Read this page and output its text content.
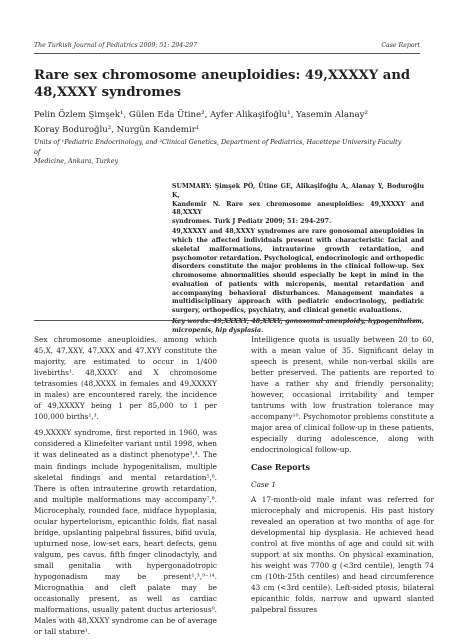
The Turkish Journal of Pediatrics 2009; 51: 294-297	Case Report
Rare sex chromosome aneuploidies: 49,XXXXY and
48,XXXY syndromes
Pelin Özlem Şimşek¹, Gülen Eda Ütine², Ayfer Alikaşifoğlu¹, Yasemin Alanay²
Koray Boduroğlu², Nurgün Kandemir¹
Units of ¹Pediatric Endocrinology, and ²Clinical Genetics, Department of Pediatrics, Hacettepe University Faculty of
Medicine, Ankara, Turkey

SUMMARY: Şimşek PÖ, Ütine GE, Alikaşifoğlu A, Alanay Y, Boduroğlu K,
Kandemir N. Rare sex chromosome aneuploidies: 49,XXXXY and 48,XXXY
syndromes. Turk J Pediatr 2009; 51: 294-297.

49,XXXXY and 48,XXXY syndromes are rare gonosomal aneuploidies in which the affected individuals present with characteristic facial and skeletal malformations, intrauterine growth retardation, and psychomotor retardation. Psychological, endocrinologic and orthopedic disorders constitute the major problems in the clinical follow-up. Sex chromosome abnormalities should especially be kept in mind in the evaluation of patients with micropenis, mental retardation and accompanying behavioral disturbances. Management mandates a multidisciplinary approach with pediatric endocrinology, pediatric surgery, orthopedics, psychiatry, and clinical genetic evaluations.

Key words: 49,XXXXY, 48,XXXY, gonosomal aneuploidy, hypogenitalism, micropenis, hip dysplasia.

Sex chromosome aneuploidies, among which 45,X, 47,XXY, 47,XXX and 47,XYY constitute the majority, are estimated to occur in 1/400 livebirths¹. 48,XXXY and X chromosome tetrasomies (48,XXXX in females and 49,XXXXY in males) are encountered rarely, the incidence of 49,XXXXY being 1 per 85,000 to 1 per 100,000 births²,³.

49,XXXXY syndrome, first reported in 1960, was considered a Klinefelter variant until 1998, when it was delineated as a distinct phenotype³,⁴. The main findings include hypogenitalism, multiple skeletal findings and mental retardation⁵,⁶. There is often intrauterine growth retardation, and multiple malformations may accompany⁷,⁸. Microcephaly, rounded face, midface hypoplasia, ocular hypertelorism, epicanthic folds, flat nasal bridge, upslanting palpebral fissures, bifid uvula, upturned nose, low-set ears, heart defects, genu valgum, pes cavus, fifth finger clinodactyly, and small genitalia with hypergonadotropic hypogonadism may be present¹,³,⁹⁻¹⁴. Micrognathia and cleft palate may be occasionally present, as well as cardiac malformations, usually patent ductus arteriosus⁹. Males with 48,XXXY syndrome can be of average or tall stature¹.

Intelligence quota is usually between 20 to 60, with a mean value of 35. Significant delay in speech is present, while non-verbal skills are better preserved. The patients are reported to have a rather shy and friendly personality; however, occasional irritability and temper tantrums with low frustration tolerance may accompany¹⁰. Psychomotor problems constitute a major area of clinical follow-up in these patients, especially during adolescence, along with endocrinological follow-up.

Case Reports

Case 1

A 17-month-old male infant was referred for microcephaly and micropenis. His past history revealed an operation at two months of age for developmental hip dysplasia. He achieved head control at five months of age and could sit with support at six months. On physical examination, his weight was 7700 g (<3rd centile), length 74 cm (10th-25th centiles) and head circumference 43 cm (<3rd centile). Left-sided ptosis, bilateral epicanthic folds, narrow and upward slanted palpebral fissures
